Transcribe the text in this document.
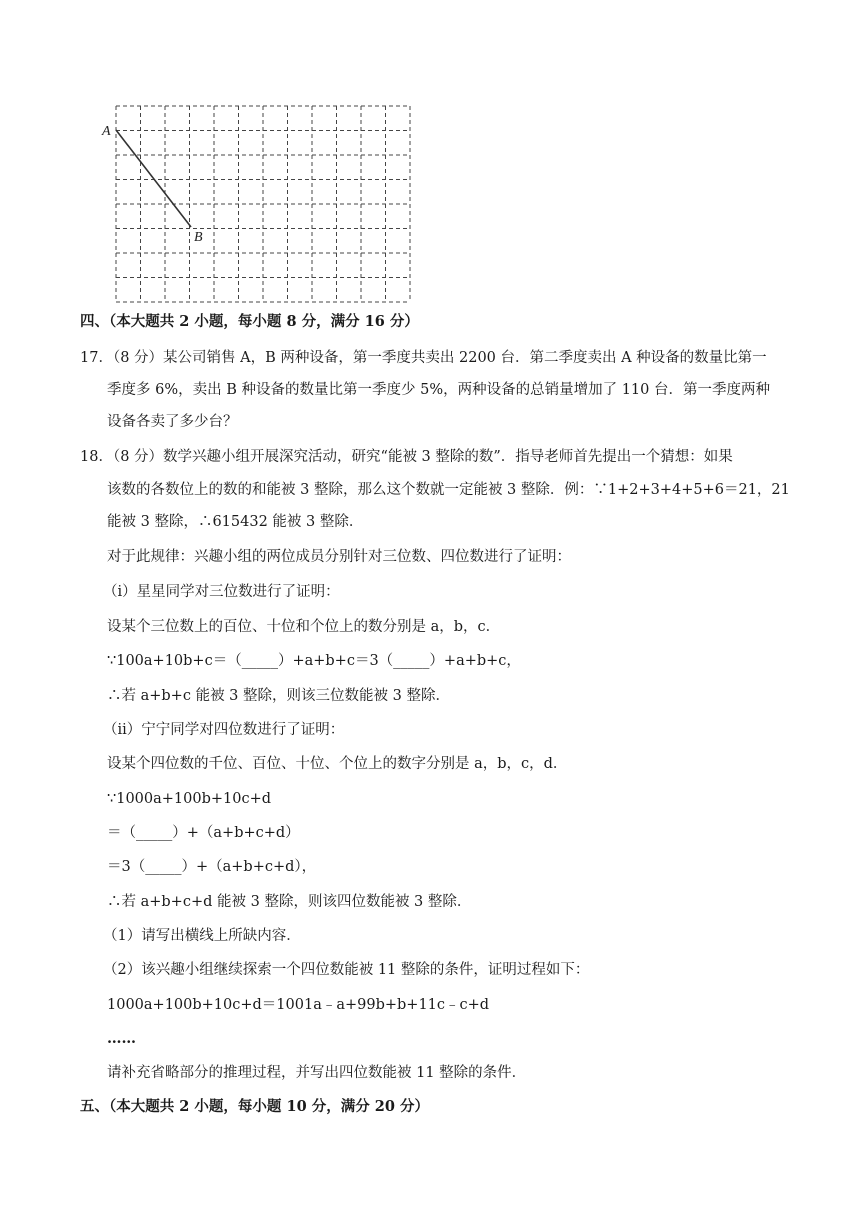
A
B
四、（本大题共 2 小题，每小题 8 分，满分 16 分）
17．（8 分）某公司销售 A，B 两种设备，第一季度共卖出 2200 台．第二季度卖出 A 种设备的数量比第一
季度多 6%，卖出 B 种设备的数量比第一季度少 5%，两种设备的总销量增加了 110 台．第一季度两种
设备各卖了多少台？
18．（8 分）数学兴趣小组开展深究活动，研究“能被 3 整除的数”．指导老师首先提出一个猜想：如果
该数的各数位上的数的和能被 3 整除，那么这个数就一定能被 3 整除．例：∵1+2+3+4+5+6＝21，21
能被 3 整除，∴615432 能被 3 整除．
对于此规律：兴趣小组的两位成员分别针对三位数、四位数进行了证明：
（i）星星同学对三位数进行了证明：
设某个三位数上的百位、十位和个位上的数分别是 a，b，c．
∵100a+10b+c＝（_____）+a+b+c＝3（_____）+a+b+c，
∴若 a+b+c 能被 3 整除，则该三位数能被 3 整除．
（ii）宁宁同学对四位数进行了证明：
设某个四位数的千位、百位、十位、个位上的数字分别是 a，b，c，d．
∵1000a+100b+10c+d
＝（_____）+（a+b+c+d）
＝3（_____）+（a+b+c+d），
∴若 a+b+c+d 能被 3 整除，则该四位数能被 3 整除．
（1）请写出横线上所缺内容．
（2）该兴趣小组继续探索一个四位数能被 11 整除的条件，证明过程如下：
1000a+100b+10c+d＝1001a﹣a+99b+b+11c﹣c+d
……
请补充省略部分的推理过程，并写出四位数能被 11 整除的条件．
五、（本大题共 2 小题，每小题 10 分，满分 20 分）
